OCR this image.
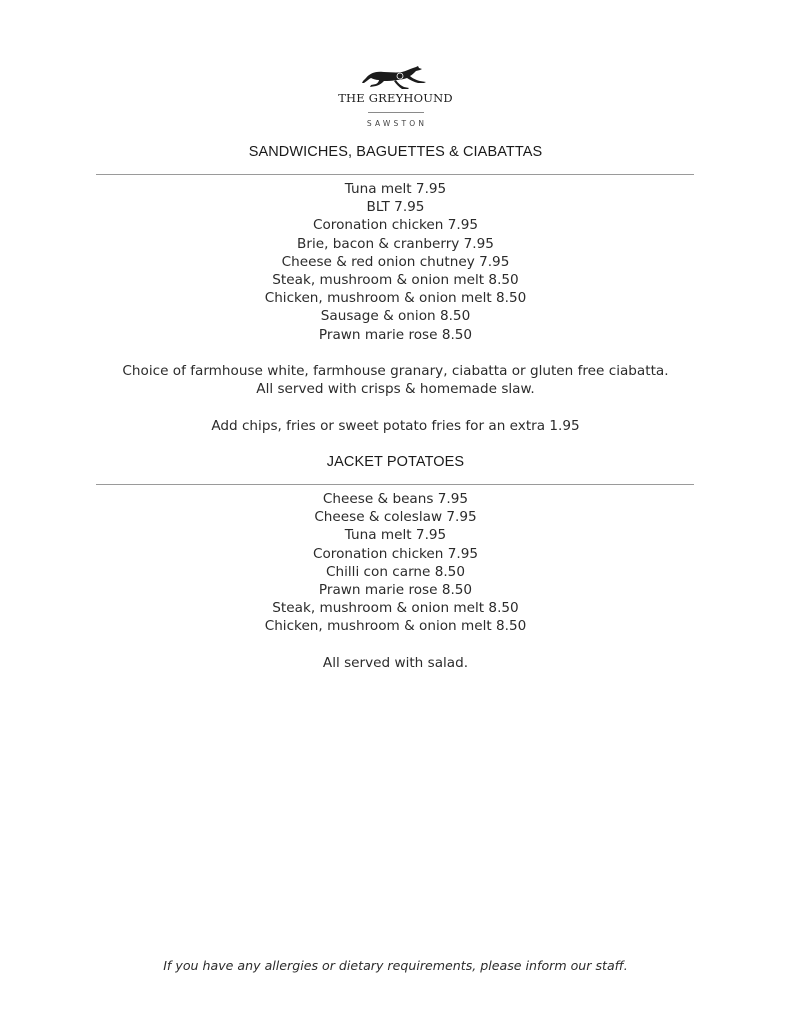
THE GREYHOUND
SAWSTON
SANDWICHES, BAGUETTES & CIABATTAS
Tuna melt 7.95
BLT 7.95
Coronation chicken 7.95
Brie, bacon & cranberry 7.95
Cheese & red onion chutney 7.95
Steak, mushroom & onion melt 8.50
Chicken, mushroom & onion melt 8.50
Sausage & onion 8.50
Prawn marie rose 8.50
Choice of farmhouse white, farmhouse granary, ciabatta or gluten free ciabatta.
All served with crisps & homemade slaw.
Add chips, fries or sweet potato fries for an extra 1.95
JACKET POTATOES
Cheese & beans 7.95
Cheese & coleslaw 7.95
Tuna melt 7.95
Coronation chicken 7.95
Chilli con carne 8.50
Prawn marie rose 8.50
Steak, mushroom & onion melt 8.50
Chicken, mushroom & onion melt 8.50
All served with salad.
If you have any allergies or dietary requirements, please inform our staff.
